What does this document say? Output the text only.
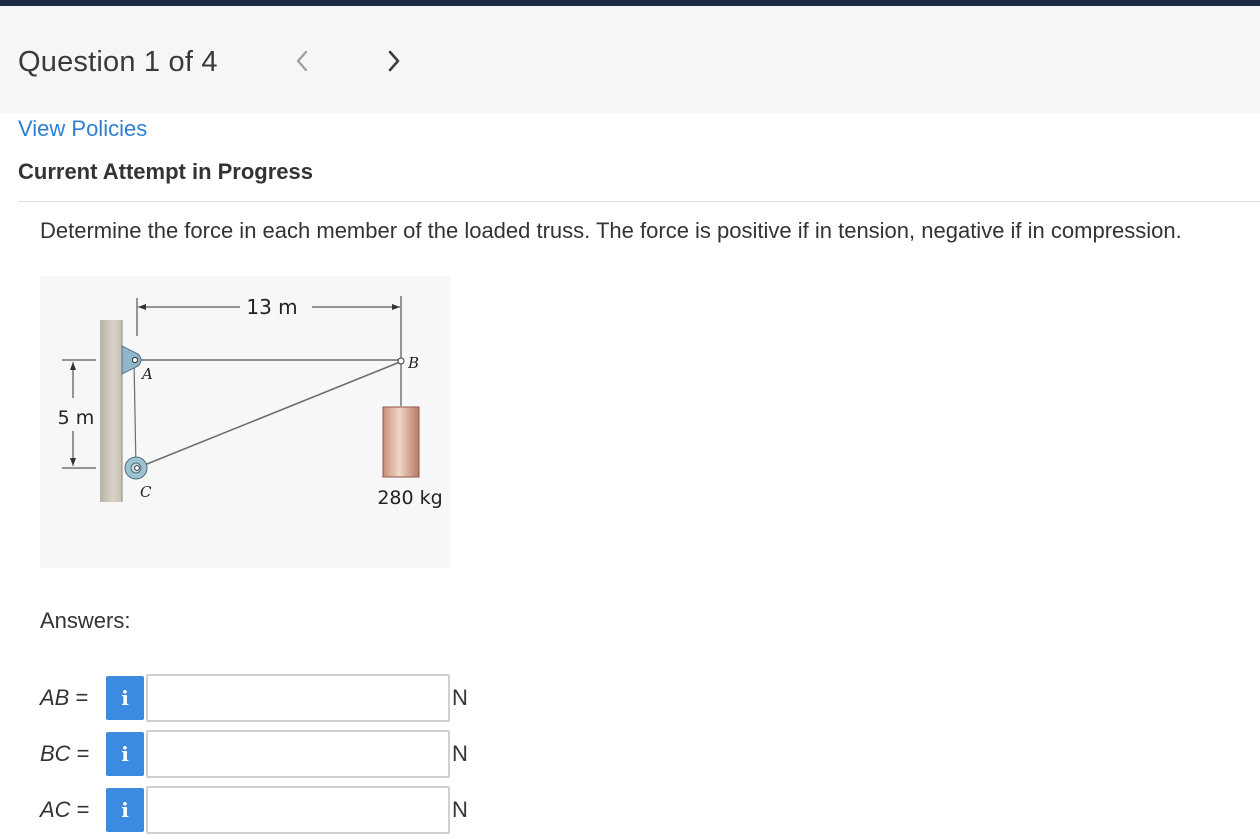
Question 1 of 4
View Policies
Current Attempt in Progress
Determine the force in each member of the loaded truss. The force is positive if in tension, negative if in compression.
13 m
5 m
A
C
B
280 kg
Answers:
AB =	i	N
BC =	i	N
AC =	i	N
